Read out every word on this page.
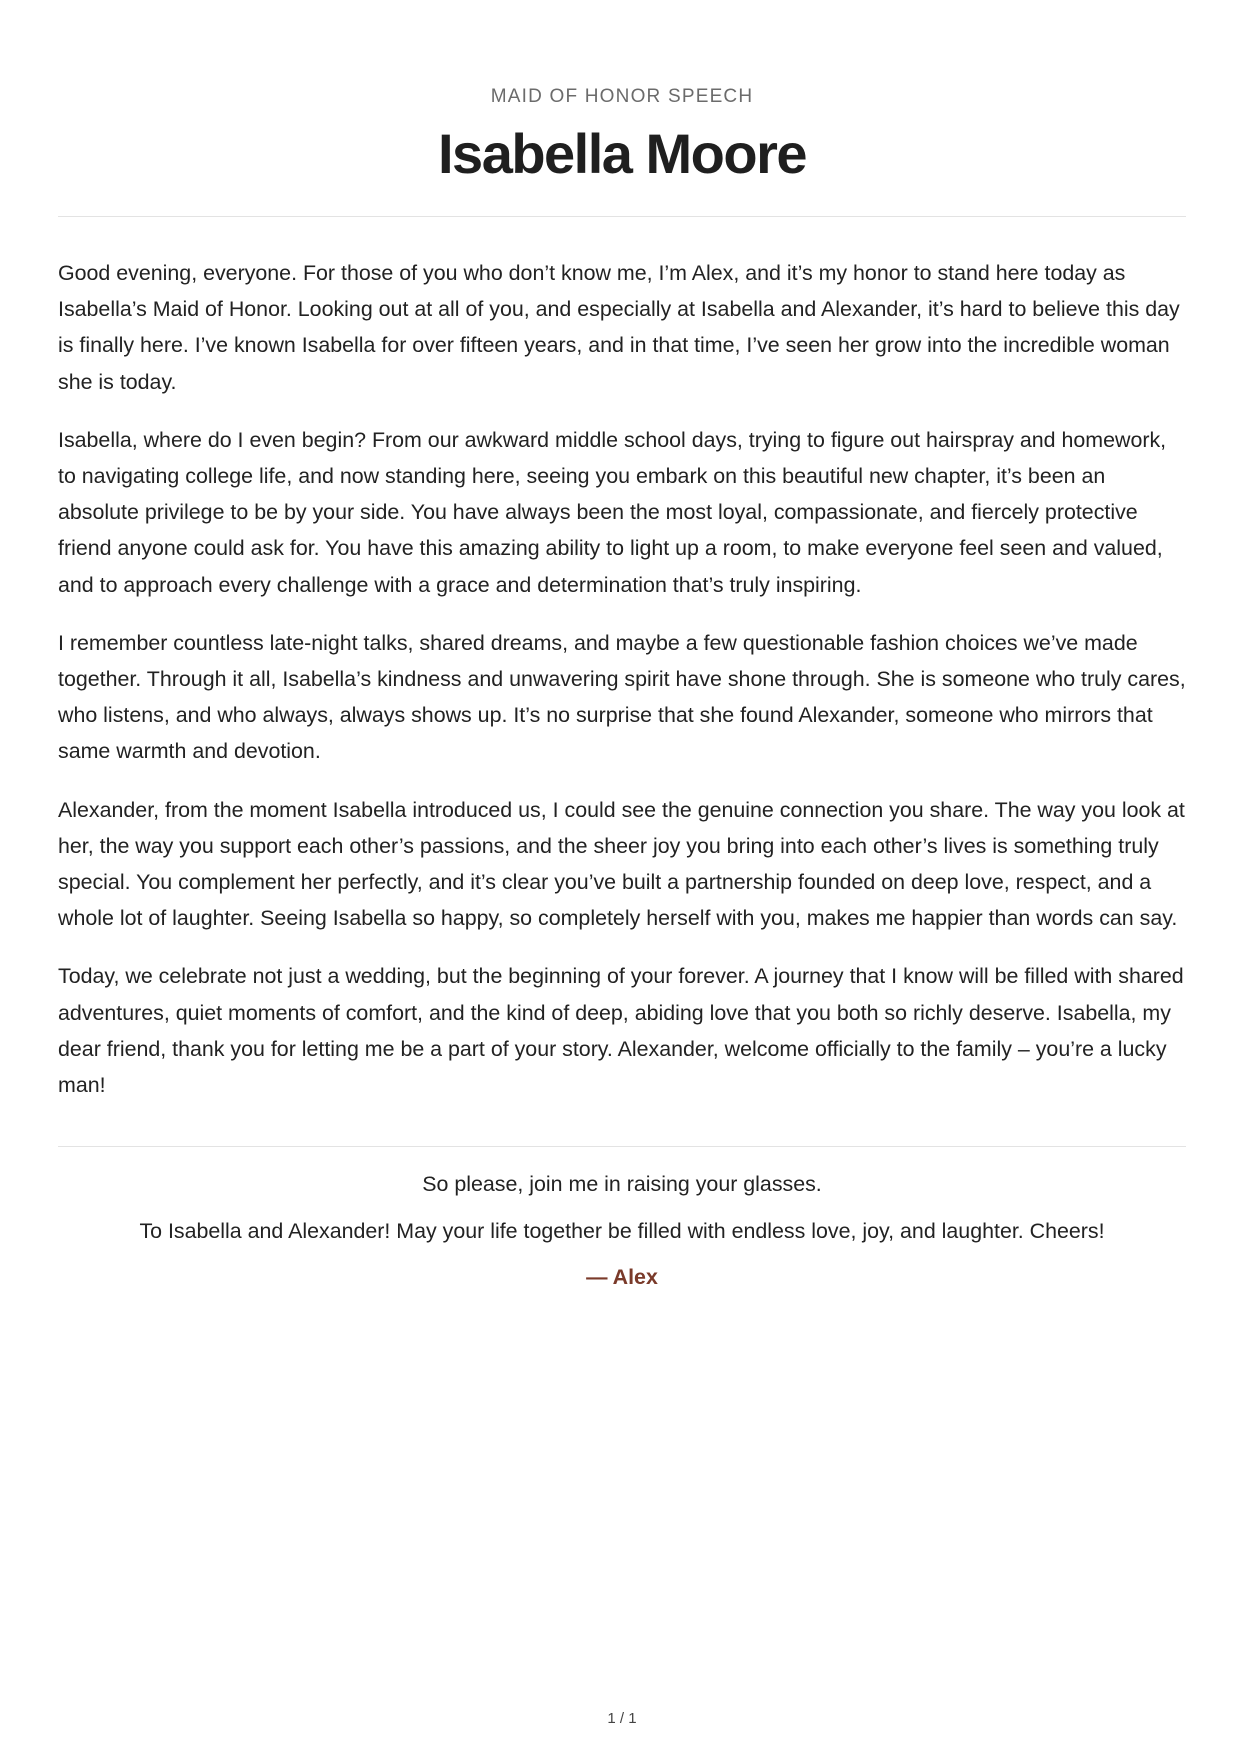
MAID OF HONOR SPEECH
Isabella Moore

Good evening, everyone. For those of you who don’t know me, I’m Alex, and it’s my honor to stand here today as Isabella’s Maid of Honor. Looking out at all of you, and especially at Isabella and Alexander, it’s hard to believe this day is finally here. I’ve known Isabella for over fifteen years, and in that time, I’ve seen her grow into the incredible woman she is today.

Isabella, where do I even begin? From our awkward middle school days, trying to figure out hairspray and homework, to navigating college life, and now standing here, seeing you embark on this beautiful new chapter, it’s been an absolute privilege to be by your side. You have always been the most loyal, compassionate, and fiercely protective friend anyone could ask for. You have this amazing ability to light up a room, to make everyone feel seen and valued, and to approach every challenge with a grace and determination that’s truly inspiring.

I remember countless late-night talks, shared dreams, and maybe a few questionable fashion choices we’ve made together. Through it all, Isabella’s kindness and unwavering spirit have shone through. She is someone who truly cares, who listens, and who always, always shows up. It’s no surprise that she found Alexander, someone who mirrors that same warmth and devotion.

Alexander, from the moment Isabella introduced us, I could see the genuine connection you share. The way you look at her, the way you support each other’s passions, and the sheer joy you bring into each other’s lives is something truly special. You complement her perfectly, and it’s clear you’ve built a partnership founded on deep love, respect, and a whole lot of laughter. Seeing Isabella so happy, so completely herself with you, makes me happier than words can say.

Today, we celebrate not just a wedding, but the beginning of your forever. A journey that I know will be filled with shared adventures, quiet moments of comfort, and the kind of deep, abiding love that you both so richly deserve. Isabella, my dear friend, thank you for letting me be a part of your story. Alexander, welcome officially to the family – you’re a lucky man!

So please, join me in raising your glasses.

To Isabella and Alexander! May your life together be filled with endless love, joy, and laughter. Cheers!

— Alex

1 / 1
